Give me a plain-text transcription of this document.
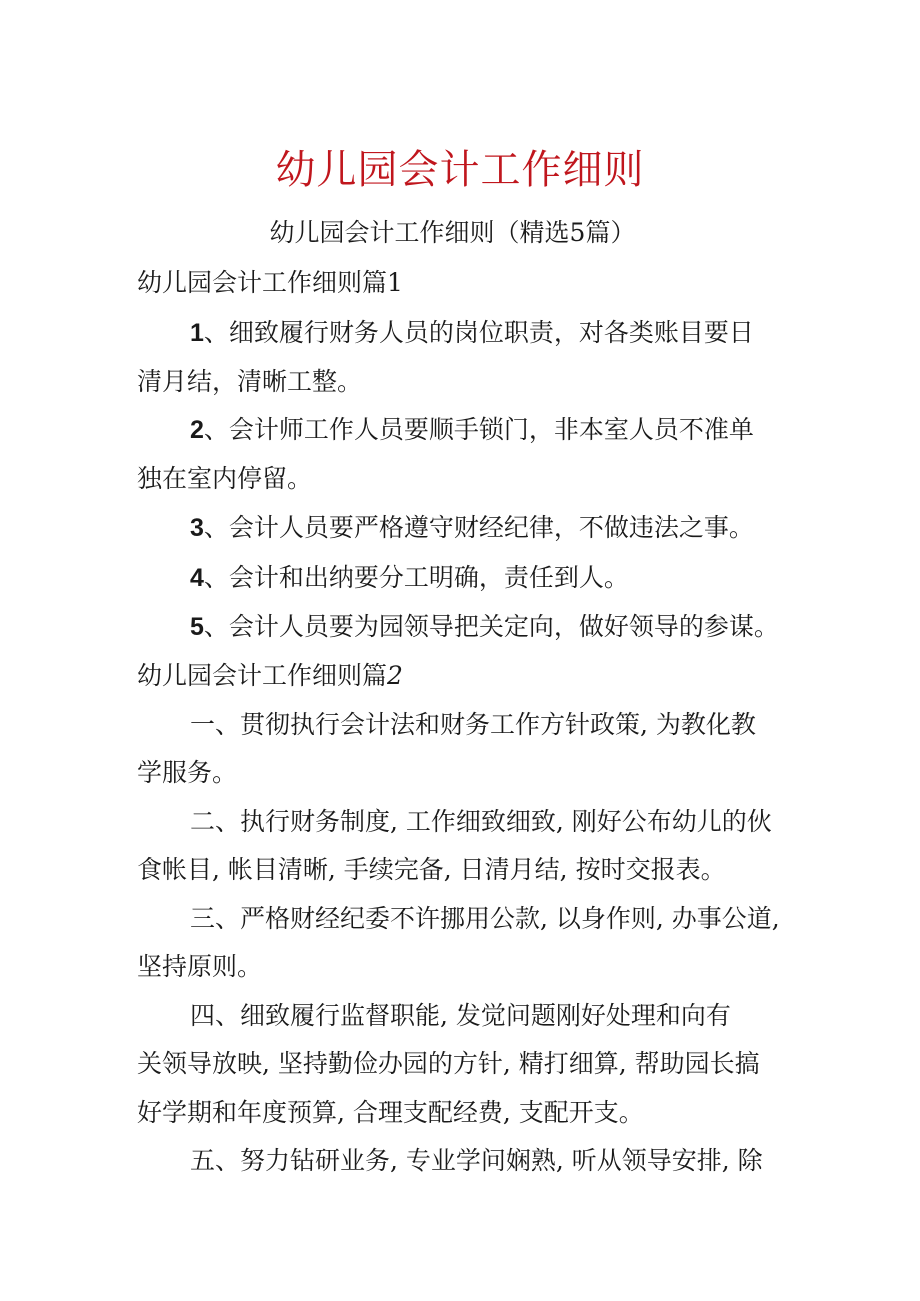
幼儿园会计工作细则
幼儿园会计工作细则（精选5篇）
幼儿园会计工作细则篇1
1、细致履行财务人员的岗位职责，对各类账目要日
清月结，清晰工整。
2、会计师工作人员要顺手锁门，非本室人员不准单
独在室内停留。
3、会计人员要严格遵守财经纪律，不做违法之事。
4、会计和出纳要分工明确，责任到人。
5、会计人员要为园领导把关定向，做好领导的参谋。
幼儿园会计工作细则篇2
一、贯彻执行会计法和财务工作方针政策, 为教化教
学服务。
二、执行财务制度, 工作细致细致, 刚好公布幼儿的伙
食帐目, 帐目清晰, 手续完备, 日清月结, 按时交报表。
三、严格财经纪委不许挪用公款, 以身作则, 办事公道,
坚持原则。
四、细致履行监督职能, 发觉问题刚好处理和向有
关领导放映, 坚持勤俭办园的方针, 精打细算, 帮助园长搞
好学期和年度预算, 合理支配经费, 支配开支。
五、努力钻研业务, 专业学问娴熟, 听从领导安排, 除
